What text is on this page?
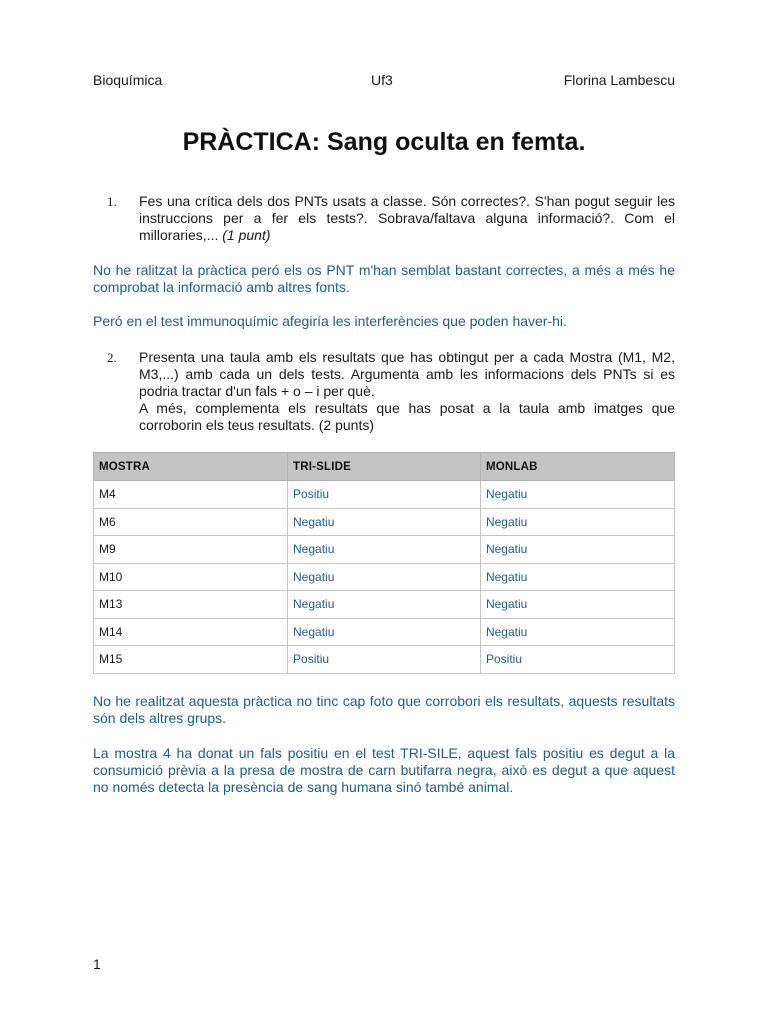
Bioquímica	Uf3	Florina Lambescu
PRÀCTICA: Sang oculta en femta.
1. Fes una crítica dels dos PNTs usats a classe. Són correctes?. S'han pogut seguir les instruccions per a fer els tests?. Sobrava/faltava alguna informació?. Com el milloraries,... (1 punt)

No he ralitzat la pràctica peró els os PNT m'han semblat bastant correctes, a més a més he comprobat la informació amb altres fonts.

Peró en el test immunoquímic afegiría les interferències que poden haver-hi.

2. Presenta una taula amb els resultats que has obtingut per a cada Mostra (M1, M2, M3,...) amb cada un dels tests. Argumenta amb les informacions dels PNTs si es podria tractar d'un fals + o – i per què.

A més, complementa els resultats que has posat a la taula amb imatges que corroborin els teus resultats. (2 punts)

MOSTRA	TRI-SLIDE	MONLAB
M4	Positiu	Negatiu
M6	Negatiu	Negatiu
M9	Negatiu	Negatiu
M10	Negatiu	Negatiu
M13	Negatiu	Negatiu
M14	Negatiu	Negatiu
M15	Positiu	Positiu

No he realitzat aquesta pràctica no tinc cap foto que corrobori els resultats, aquests resultats són dels altres grups.

La mostra 4 ha donat un fals positiu en el test TRI-SILE, aquest fals positiu es degut a la consumició prèvia a la presa de mostra de carn butifarra negra, això es degut a que aquest no només detecta la presència de sang humana sinó també animal.

1
